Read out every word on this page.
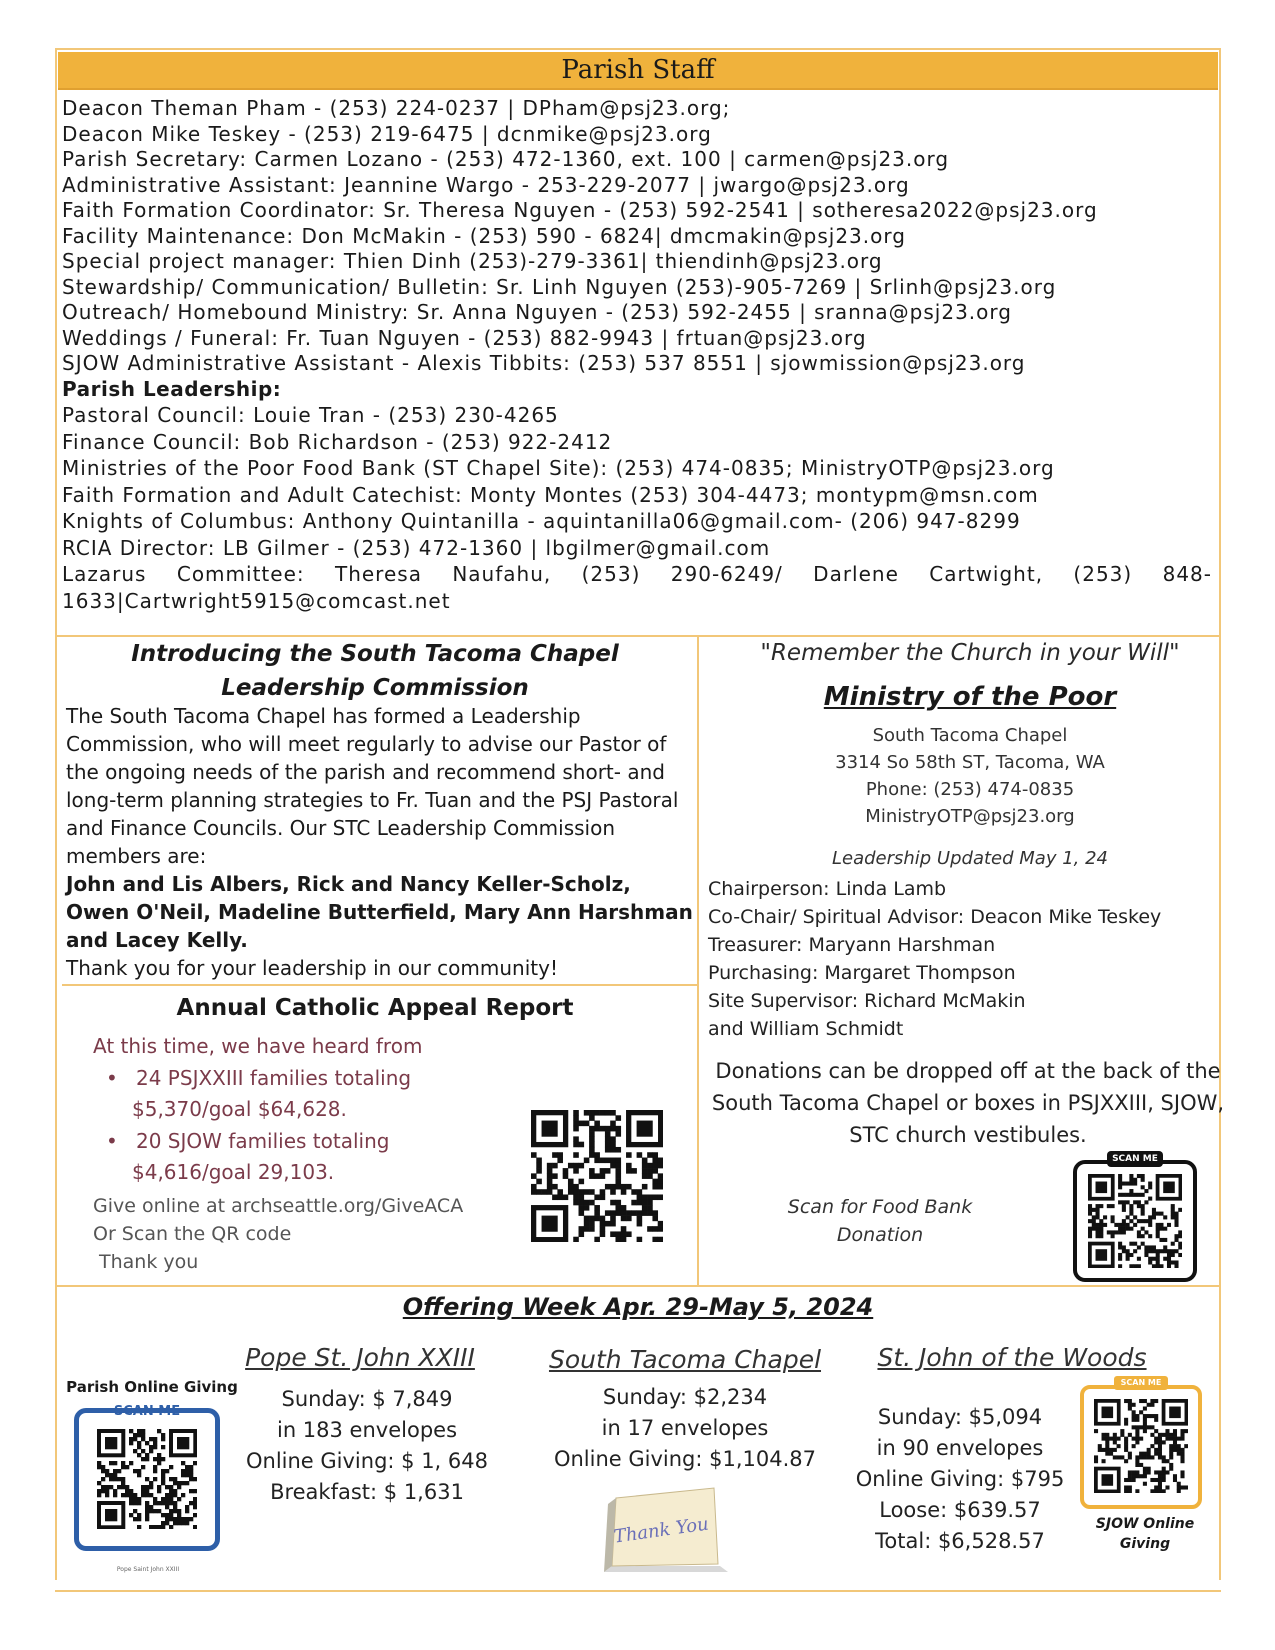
Parish Staff
Deacon Theman Pham - (253) 224-0237 | DPham@psj23.org;
Deacon Mike Teskey - (253) 219-6475 | dcnmike@psj23.org
Parish Secretary: Carmen Lozano - (253) 472-1360, ext. 100 | carmen@psj23.org
Administrative Assistant: Jeannine Wargo - 253-229-2077 | jwargo@psj23.org
Faith Formation Coordinator: Sr. Theresa Nguyen - (253) 592-2541 | sotheresa2022@psj23.org
Facility Maintenance: Don McMakin - (253) 590 - 6824| dmcmakin@psj23.org
Special project manager: Thien Dinh (253)-279-3361| thiendinh@psj23.org
Stewardship/ Communication/ Bulletin: Sr. Linh Nguyen (253)-905-7269 | Srlinh@psj23.org
Outreach/ Homebound Ministry: Sr. Anna Nguyen - (253) 592-2455 | sranna@psj23.org
Weddings / Funeral: Fr. Tuan Nguyen - (253) 882-9943 | frtuan@psj23.org
SJOW Administrative Assistant - Alexis Tibbits: (253) 537 8551 | sjowmission@psj23.org
Parish Leadership:
Pastoral Council: Louie Tran - (253) 230-4265
Finance Council: Bob Richardson - (253) 922-2412
Ministries of the Poor Food Bank (ST Chapel Site): (253) 474-0835; MinistryOTP@psj23.org
Faith Formation and Adult Catechist: Monty Montes (253) 304-4473; montypm@msn.com
Knights of Columbus: Anthony Quintanilla - aquintanilla06@gmail.com- (206) 947-8299
RCIA Director: LB Gilmer - (253) 472-1360 | lbgilmer@gmail.com
Lazarus Committee: Theresa Naufahu, (253) 290-6249/ Darlene Cartwight, (253) 848-
1633|Cartwright5915@comcast.net
Introducing the South Tacoma Chapel
Leadership Commission
The South Tacoma Chapel has formed a Leadership Commission, who will meet regularly to advise our Pastor of the ongoing needs of the parish and recommend short- and long-term planning strategies to Fr. Tuan and the PSJ Pastoral and Finance Councils. Our STC Leadership Commission members are:
John and Lis Albers, Rick and Nancy Keller-Scholz, Owen O'Neil, Madeline Butterfield, Mary Ann Harshman and Lacey Kelly.
Thank you for your leadership in our community!
Annual Catholic Appeal Report
At this time, we have heard from
• 24 PSJXXIII families totaling
$5,370/goal $64,628.
• 20 SJOW families totaling
$4,616/goal 29,103.
Give online at archseattle.org/GiveACA
Or Scan the QR code
Thank you
"Remember the Church in your Will"
Ministry of the Poor
South Tacoma Chapel
3314 So 58th ST, Tacoma, WA
Phone: (253) 474-0835
MinistryOTP@psj23.org
Leadership Updated May 1, 24
Chairperson: Linda Lamb
Co-Chair/ Spiritual Advisor: Deacon Mike Teskey
Treasurer: Maryann Harshman
Purchasing: Margaret Thompson
Site Supervisor: Richard McMakin
and William Schmidt
Donations can be dropped off at the back of the South Tacoma Chapel or boxes in PSJXXIII, SJOW, STC church vestibules.
Scan for Food Bank
Donation
SCAN ME
Offering Week Apr. 29-May 5, 2024
Parish Online Giving
SCAN ME
Pope Saint John XXIII
Pope St. John XXIII
Sunday: $ 7,849
in 183 envelopes
Online Giving: $ 1, 648
Breakfast: $ 1,631
South Tacoma Chapel
Sunday: $2,234
in 17 envelopes
Online Giving: $1,104.87
Thank You
St. John of the Woods
Sunday: $5,094
in 90 envelopes
Online Giving: $795
Loose: $639.57
Total: $6,528.57
SCAN ME
SJOW Online
Giving
